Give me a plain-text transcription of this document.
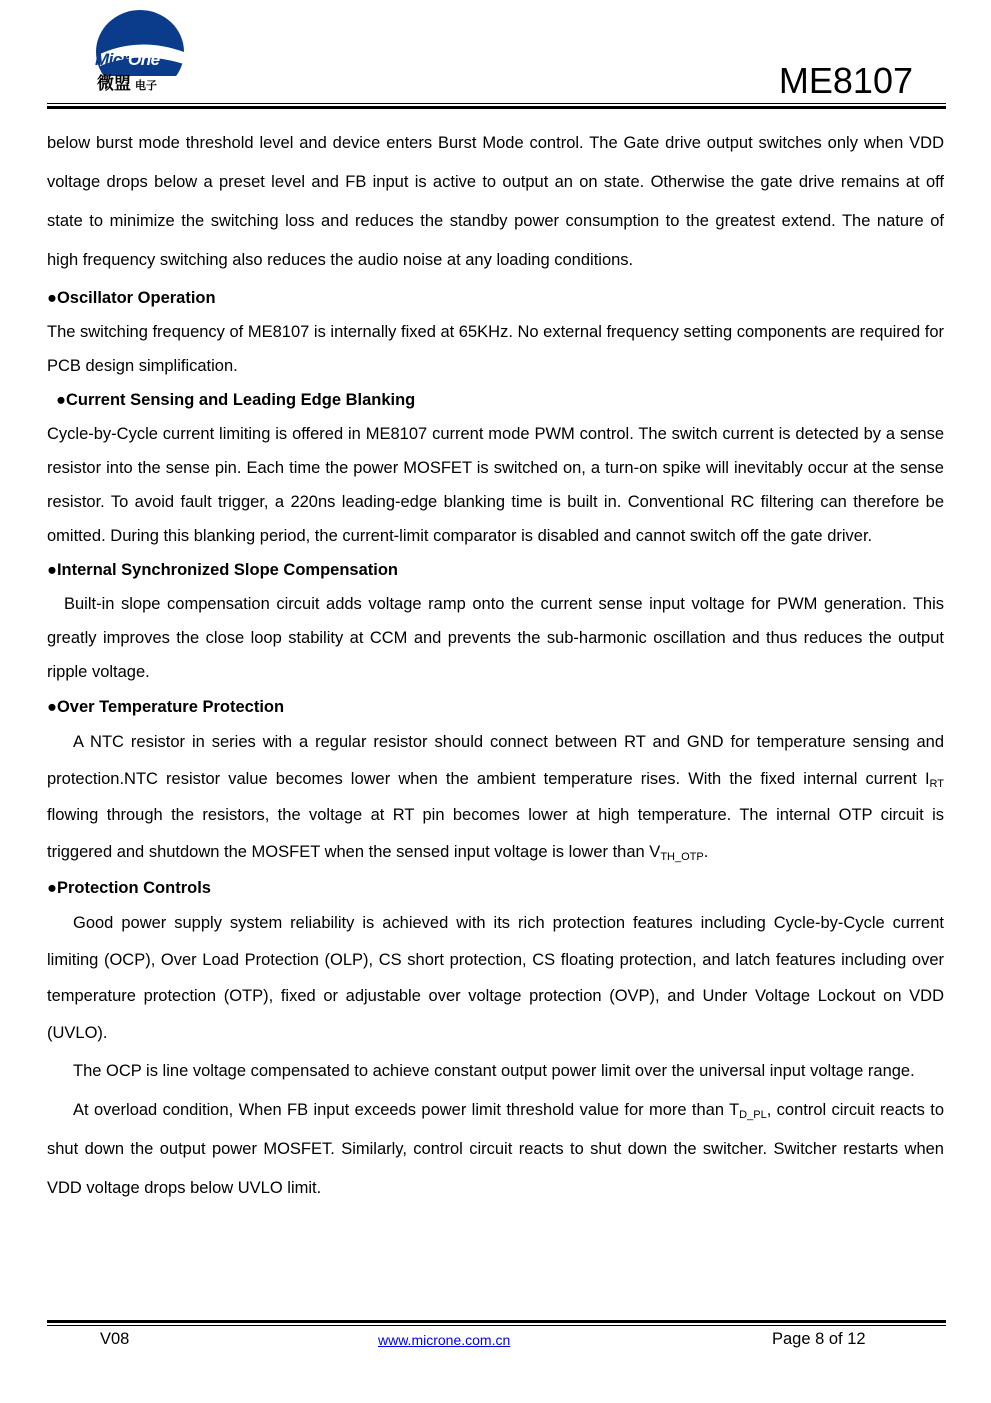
MicrOne
微盟 电子	ME8107

below burst mode threshold level and device enters Burst Mode control. The Gate drive output switches only when VDD voltage drops below a preset level and FB input is active to output an on state. Otherwise the gate drive remains at off state to minimize the switching loss and reduces the standby power consumption to the greatest extend. The nature of high frequency switching also reduces the audio noise at any loading conditions.

●Oscillator Operation

The switching frequency of ME8107 is internally fixed at 65KHz. No external frequency setting components are required for PCB design simplification.

●Current Sensing and Leading Edge Blanking

Cycle-by-Cycle current limiting is offered in ME8107 current mode PWM control. The switch current is detected by a sense resistor into the sense pin. Each time the power MOSFET is switched on, a turn-on spike will inevitably occur at the sense resistor. To avoid fault trigger, a 220ns leading-edge blanking time is built in. Conventional RC filtering can therefore be omitted. During this blanking period, the current-limit comparator is disabled and cannot switch off the gate driver.

●Internal Synchronized Slope Compensation

Built-in slope compensation circuit adds voltage ramp onto the current sense input voltage for PWM generation. This greatly improves the close loop stability at CCM and prevents the sub-harmonic oscillation and thus reduces the output ripple voltage.

●Over Temperature Protection

A NTC resistor in series with a regular resistor should connect between RT and GND for temperature sensing and protection.NTC resistor value becomes lower when the ambient temperature rises. With the fixed internal current $I_{RT}$ flowing through the resistors, the voltage at RT pin becomes lower at high temperature. The internal OTP circuit is triggered and shutdown the MOSFET when the sensed input voltage is lower than $V_{TH\_OTP}$.

●Protection Controls

Good power supply system reliability is achieved with its rich protection features including Cycle-by-Cycle current limiting (OCP), Over Load Protection (OLP), CS short protection, CS floating protection, and latch features including over temperature protection (OTP), fixed or adjustable over voltage protection (OVP), and Under Voltage Lockout on VDD (UVLO).

The OCP is line voltage compensated to achieve constant output power limit over the universal input voltage range.

At overload condition, When FB input exceeds power limit threshold value for more than $T_{D\_PL}$, control circuit reacts to shut down the output power MOSFET. Similarly, control circuit reacts to shut down the switcher. Switcher restarts when VDD voltage drops below UVLO limit.

V08	www.microne.com.cn	Page 8 of 12
